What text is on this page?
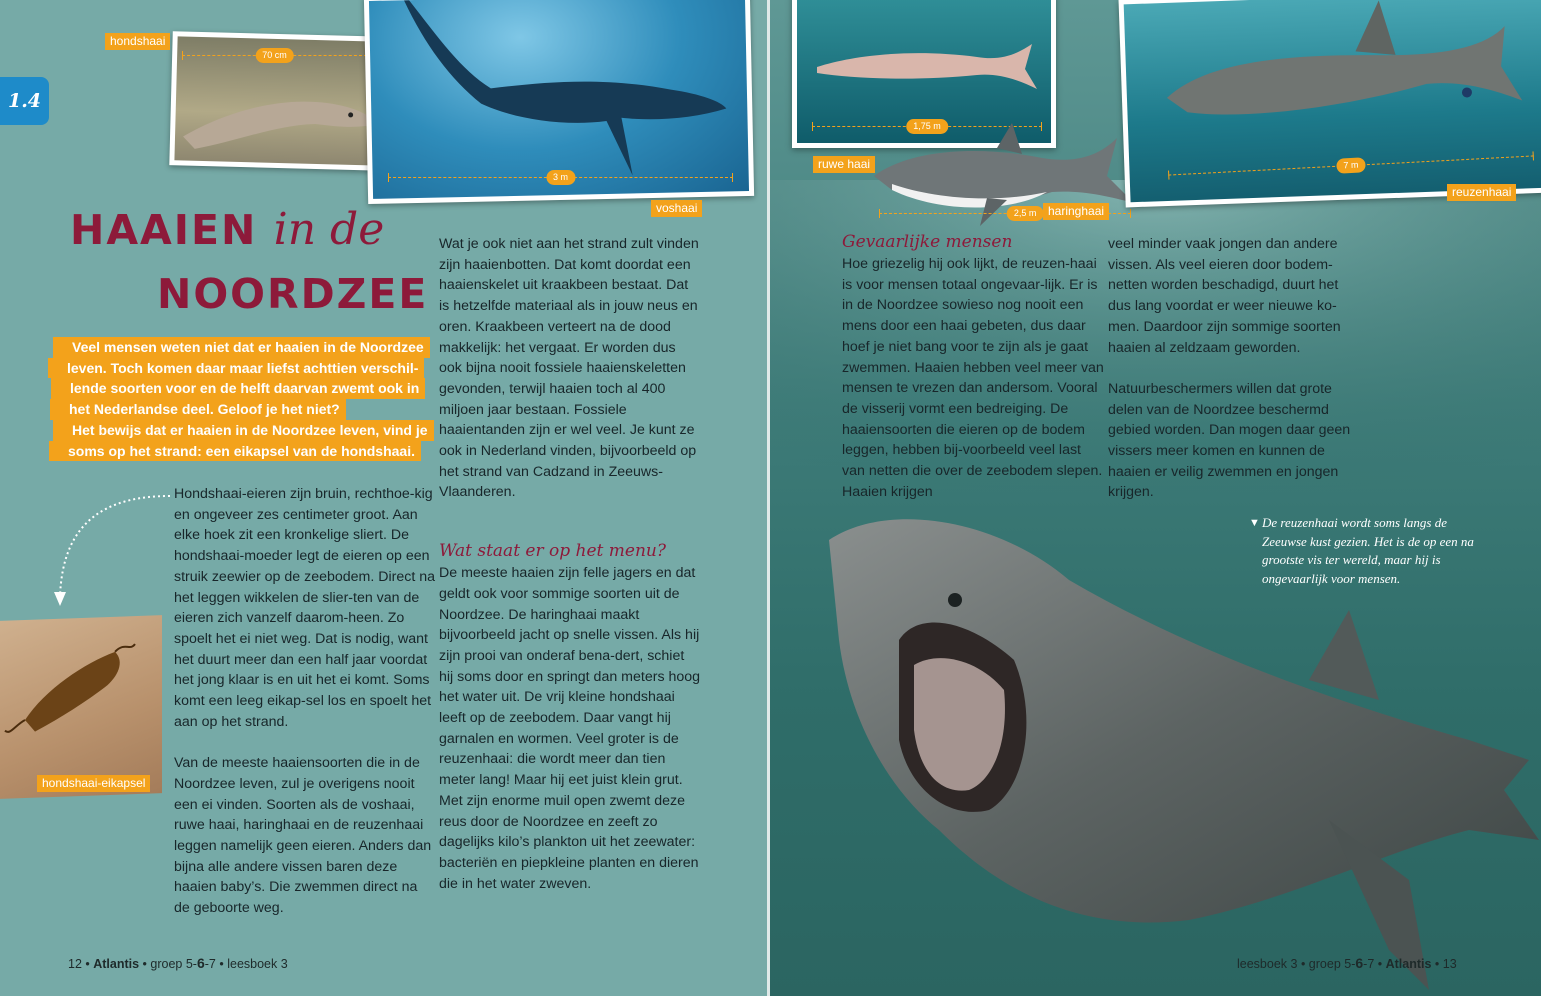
1.4
70 cm
hondshaai
3 m
voshaai
HAAIEN in de
NOORDZEE
Veel mensen weten niet dat er haaien in de Noordzee
leven. Toch komen daar maar liefst achttien verschil-
lende soorten voor en de helft daarvan zwemt ook in
het Nederlandse deel. Geloof je het niet?
Het bewijs dat er haaien in de Noordzee leven, vind je
soms op het strand: een eikapsel van de hondshaai.
hondshaai-eikapsel

Hondshaai-eieren zijn bruin, rechthoe-kig en ongeveer zes centimeter groot. Aan elke hoek zit een kronkelige sliert. De hondshaai-moeder legt de eieren op een struik zeewier op de zeebodem. Direct na het leggen wikkelen de slier-ten van de eieren zich vanzelf daarom-heen. Zo spoelt het ei niet weg. Dat is nodig, want het duurt meer dan een half jaar voordat het jong klaar is en uit het ei komt. Soms komt een leeg eikap-sel los en spoelt het aan op het strand.

Van de meeste haaiensoorten die in de Noordzee leven, zul je overigens nooit een ei vinden. Soorten als de voshaai, ruwe haai, haringhaai en de reuzenhaai leggen namelijk geen eieren. Anders dan bijna alle andere vissen baren deze haaien baby’s. Die zwemmen direct na de geboorte weg.

Wat je ook niet aan het strand zult vinden zijn haaienbotten. Dat komt doordat een haaienskelet uit kraakbeen bestaat. Dat is hetzelfde materiaal als in jouw neus en oren. Kraakbeen verteert na de dood makkelijk: het vergaat. Er worden dus ook bijna nooit fossiele haaienskeletten gevonden, terwijl haaien toch al 400 miljoen jaar bestaan. Fossiele haaientanden zijn er wel veel. Je kunt ze ook in Nederland vinden, bijvoorbeeld op het strand van Cadzand in Zeeuws-Vlaanderen.

Wat staat er op het menu?

De meeste haaien zijn felle jagers en dat geldt ook voor sommige soorten uit de Noordzee. De haringhaai maakt bijvoorbeeld jacht op snelle vissen. Als hij zijn prooi van onderaf bena-dert, schiet hij soms door en springt dan meters hoog het water uit. De vrij kleine hondshaai leeft op de zeebodem. Daar vangt hij garnalen en wormen. Veel groter is de reuzenhaai: die wordt meer dan tien meter lang! Maar hij eet juist klein grut. Met zijn enorme muil open zwemt deze reus door de Noordzee en zeeft zo dagelijks kilo’s plankton uit het zeewater: bacteriën en piepkleine planten en dieren die in het water zweven.

1,75 m
ruwe haai
2,5 m haringhaai
7 m
reuzenhaai
Gevaarlijke mensen

Hoe griezelig hij ook lijkt, de reuzen-haai is voor mensen totaal ongevaar-lijk. Er is in de Noordzee sowieso nog nooit een mens door een haai gebeten, dus daar hoef je niet bang voor te zijn als je gaat zwemmen. Haaien hebben veel meer van mensen te vrezen dan andersom. Vooral de visserij vormt een bedreiging. De haaiensoorten die eieren op de bodem leggen, hebben bij-voorbeeld veel last van netten die over de zeebodem slepen. Haaien krijgen

veel minder vaak jongen dan andere vissen. Als veel eieren door bodem-netten worden beschadigd, duurt het dus lang voordat er weer nieuwe ko-men. Daardoor zijn sommige soorten haaien al zeldzaam geworden.

Natuurbeschermers willen dat grote delen van de Noordzee beschermd gebied worden. Dan mogen daar geen vissers meer komen en kunnen de haaien er veilig zwemmen en jongen krijgen.

▼ De reuzenhaai wordt soms langs de Zeeuwse kust gezien. Het is de op een na grootste vis ter wereld, maar hij is ongevaarlijk voor mensen.
12 • Atlantis • groep 5-6-7 • leesboek 3	leesboek 3 • groep 5-6-7 • Atlantis • 13
